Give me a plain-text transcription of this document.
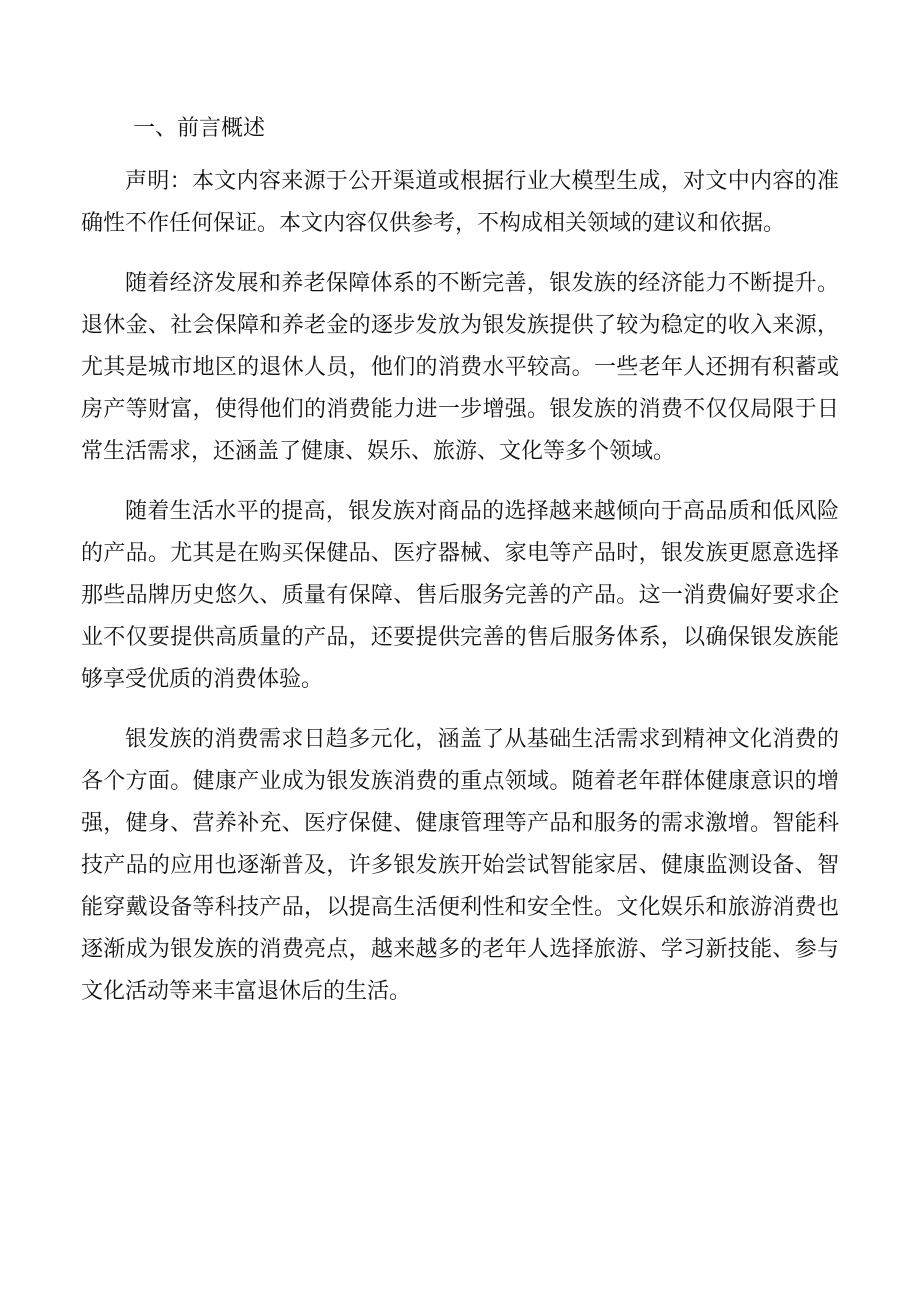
一、前言概述

声明：本文内容来源于公开渠道或根据行业大模型生成，对文中内容的准确性不作任何保证。本文内容仅供参考，不构成相关领域的建议和依据。

随着经济发展和养老保障体系的不断完善，银发族的经济能力不断提升。退休金、社会保障和养老金的逐步发放为银发族提供了较为稳定的收入来源，尤其是城市地区的退休人员，他们的消费水平较高。一些老年人还拥有积蓄或房产等财富，使得他们的消费能力进一步增强。银发族的消费不仅仅局限于日常生活需求，还涵盖了健康、娱乐、旅游、文化等多个领域。

随着生活水平的提高，银发族对商品的选择越来越倾向于高品质和低风险的产品。尤其是在购买保健品、医疗器械、家电等产品时，银发族更愿意选择那些品牌历史悠久、质量有保障、售后服务完善的产品。这一消费偏好要求企业不仅要提供高质量的产品，还要提供完善的售后服务体系，以确保银发族能够享受优质的消费体验。

银发族的消费需求日趋多元化，涵盖了从基础生活需求到精神文化消费的各个方面。健康产业成为银发族消费的重点领域。随着老年群体健康意识的增强，健身、营养补充、医疗保健、健康管理等产品和服务的需求激增。智能科技产品的应用也逐渐普及，许多银发族开始尝试智能家居、健康监测设备、智能穿戴设备等科技产品，以提高生活便利性和安全性。文化娱乐和旅游消费也逐渐成为银发族的消费亮点，越来越多的老年人选择旅游、学习新技能、参与文化活动等来丰富退休后的生活。
